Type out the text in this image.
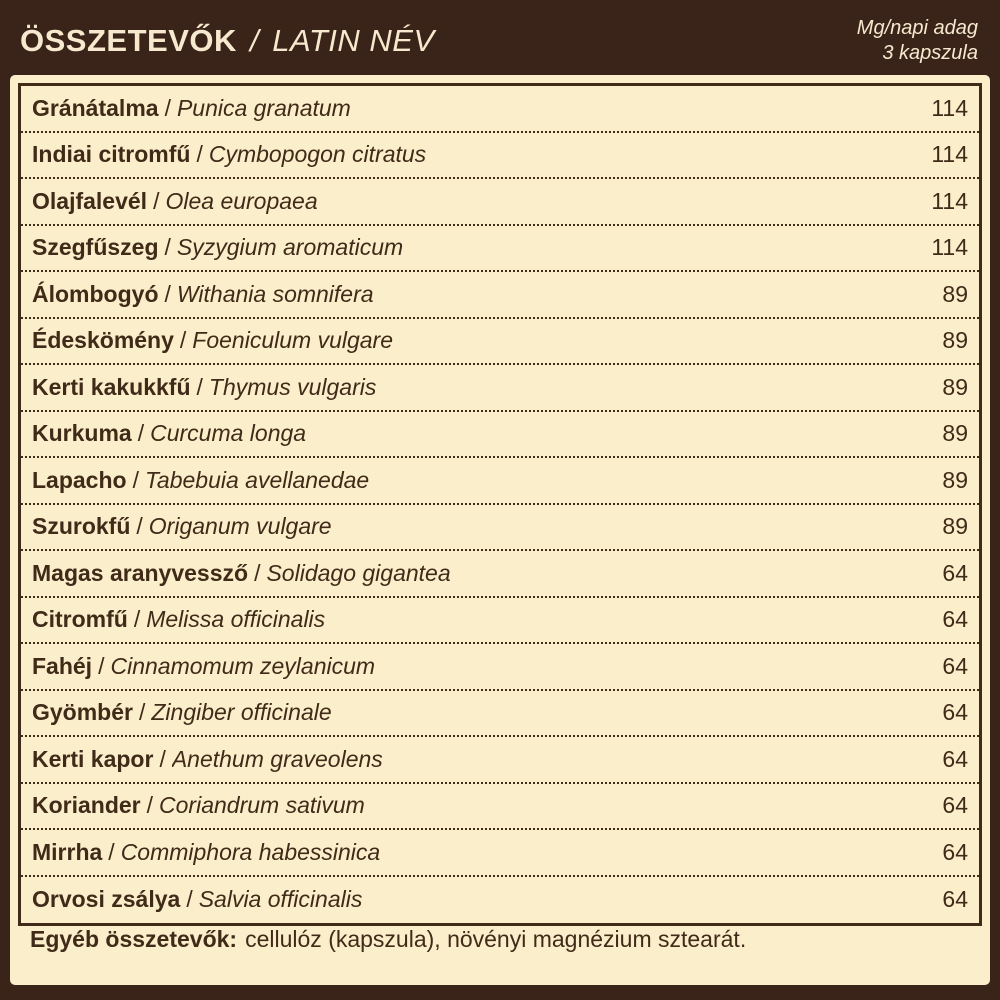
ÖSSZETEVŐK / LATIN NÉV	Mg/napi adag
3 kapszula
Gránátalma / Punica granatum	114
Indiai citromfű / Cymbopogon citratus	114
Olajfalevél / Olea europaea	114
Szegfűszeg / Syzygium aromaticum	114
Álombogyó / Withania somnifera	89
Édeskömény / Foeniculum vulgare	89
Kerti kakukkfű / Thymus vulgaris	89
Kurkuma / Curcuma longa	89
Lapacho / Tabebuia avellanedae	89
Szurokfű / Origanum vulgare	89
Magas aranyvessző / Solidago gigantea	64
Citromfű / Melissa officinalis	64
Fahéj / Cinnamomum zeylanicum	64
Gyömbér / Zingiber officinale	64
Kerti kapor / Anethum graveolens	64
Koriander / Coriandrum sativum	64
Mirrha / Commiphora habessinica	64
Orvosi zsálya / Salvia officinalis	64
Egyéb összetevők: cellulóz (kapszula), növényi magnézium sztearát.
